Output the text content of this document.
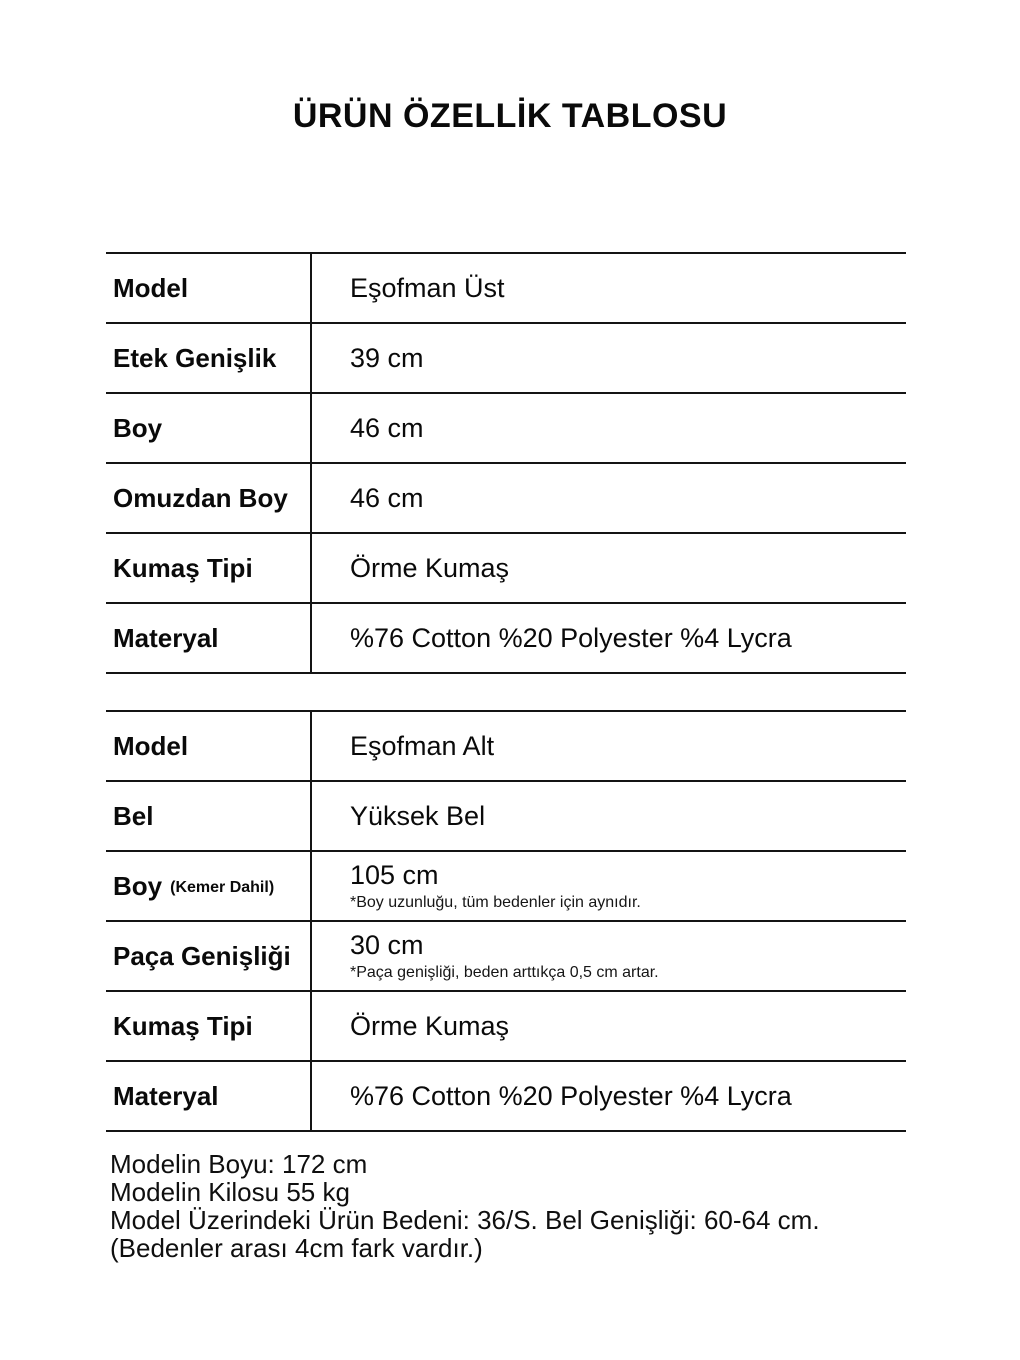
ÜRÜN ÖZELLİK TABLOSU
Model	Eşofman Üst
Etek Genişlik	39 cm
Boy	46 cm
Omuzdan Boy 46 cm
Kumaş Tipi	Örme Kumaş
Materyal	%76 Cotton %20 Polyester %4 Lycra
Model	Eşofman Alt
Bel	Yüksek Bel
Boy (Kemer Dahil)	105 cm
*Boy uzunluğu, tüm bedenler için aynıdır.
Paça Genişliği 30 cm
*Paça genişliği, beden arttıkça 0,5 cm artar.
Kumaş Tipi	Örme Kumaş
Materyal	%76 Cotton %20 Polyester %4 Lycra
Modelin Boyu: 172 cm
Modelin Kilosu 55 kg
Model Üzerindeki Ürün Bedeni: 36/S. Bel Genişliği: 60-64 cm. (Bedenler arası 4cm fark vardır.)
